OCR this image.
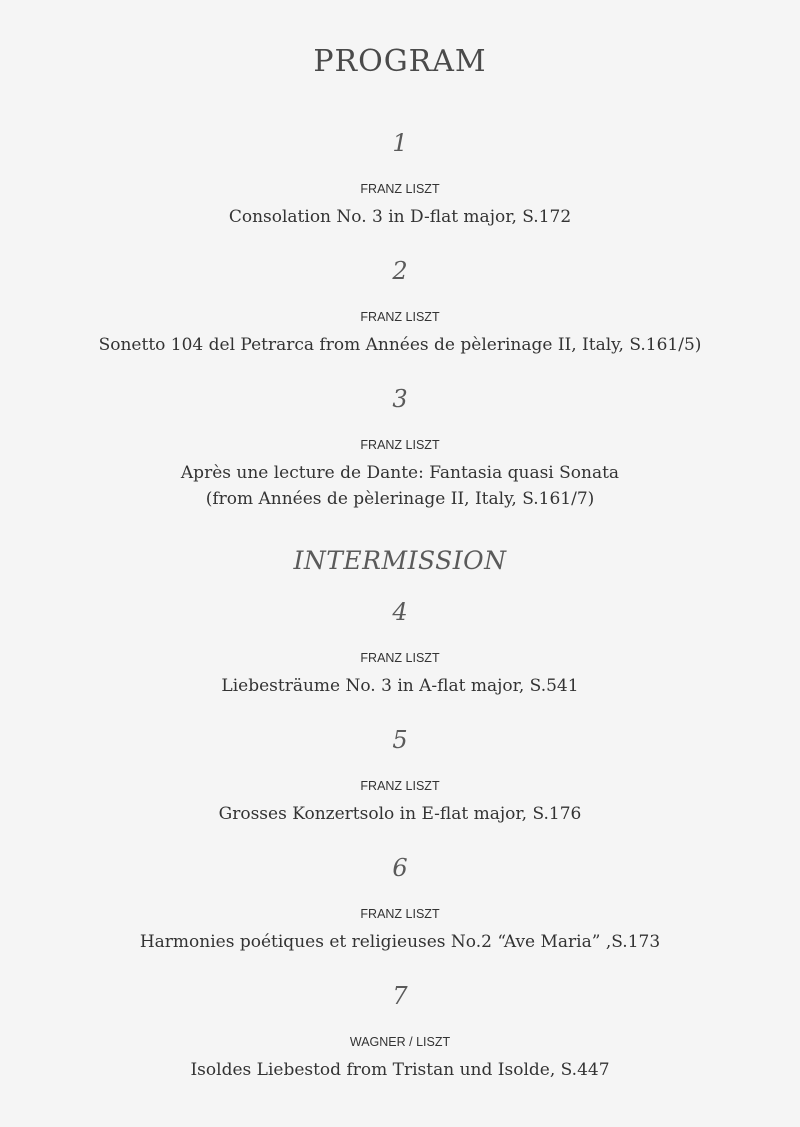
PROGRAM
1
FRANZ LISZT
Consolation No. 3 in D-flat major, S.172
2
FRANZ LISZT
Sonetto 104 del Petrarca from Années de pèlerinage II, Italy, S.161/5)
3
FRANZ LISZT
Après une lecture de Dante: Fantasia quasi Sonata
(from Années de pèlerinage II, Italy, S.161/7)
INTERMISSION
4
FRANZ LISZT
Liebesträume No. 3 in A-flat major, S.541
5
FRANZ LISZT
Grosses Konzertsolo in E-flat major, S.176
6
FRANZ LISZT
Harmonies poétiques et religieuses No.2 “Ave Maria” ,S.173
7
WAGNER / LISZT
Isoldes Liebestod from Tristan und Isolde, S.447
